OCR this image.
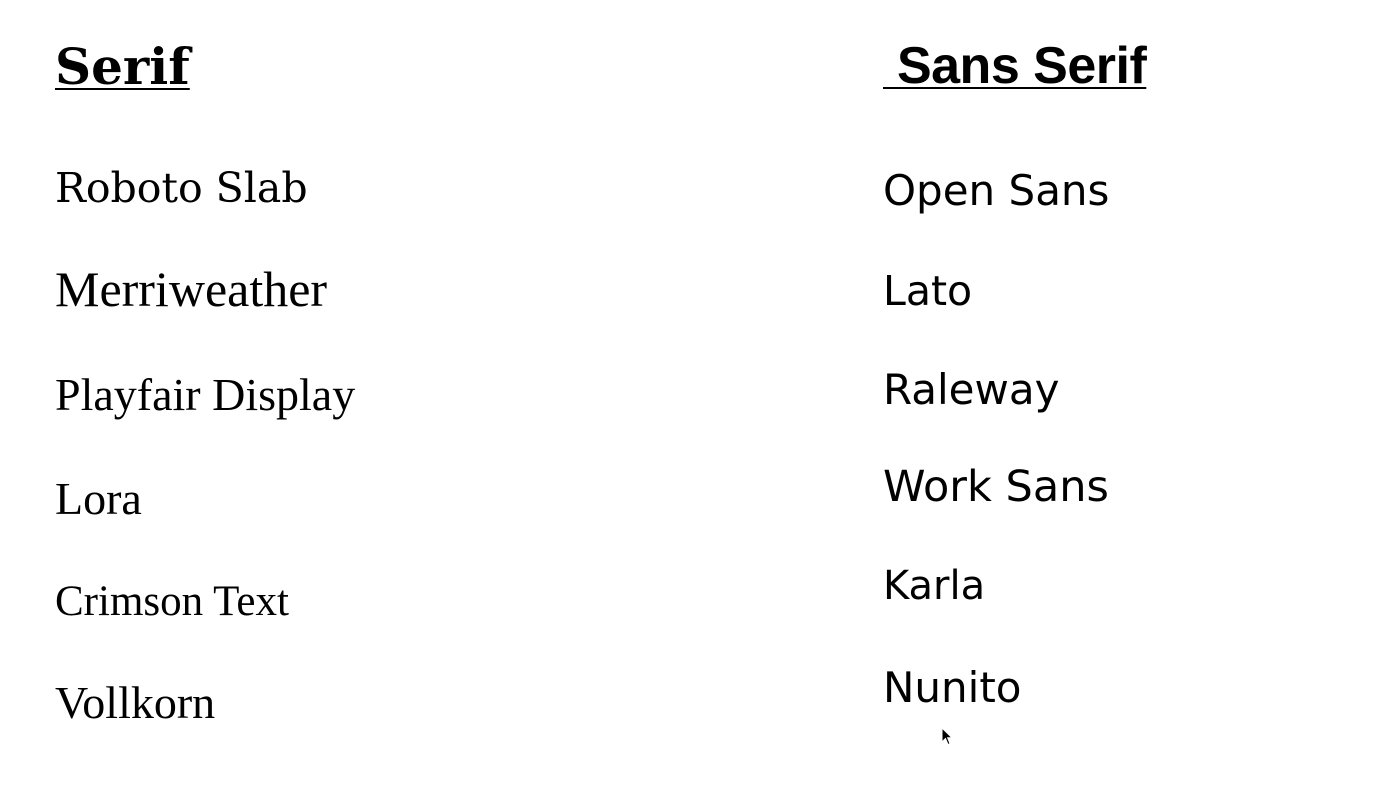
Serif
Roboto Slab
Merriweather
Playfair Display
Lora
Crimson Text
Vollkorn
Sans Serif
Open Sans
Lato
Raleway
Work Sans
Karla
Nunito
